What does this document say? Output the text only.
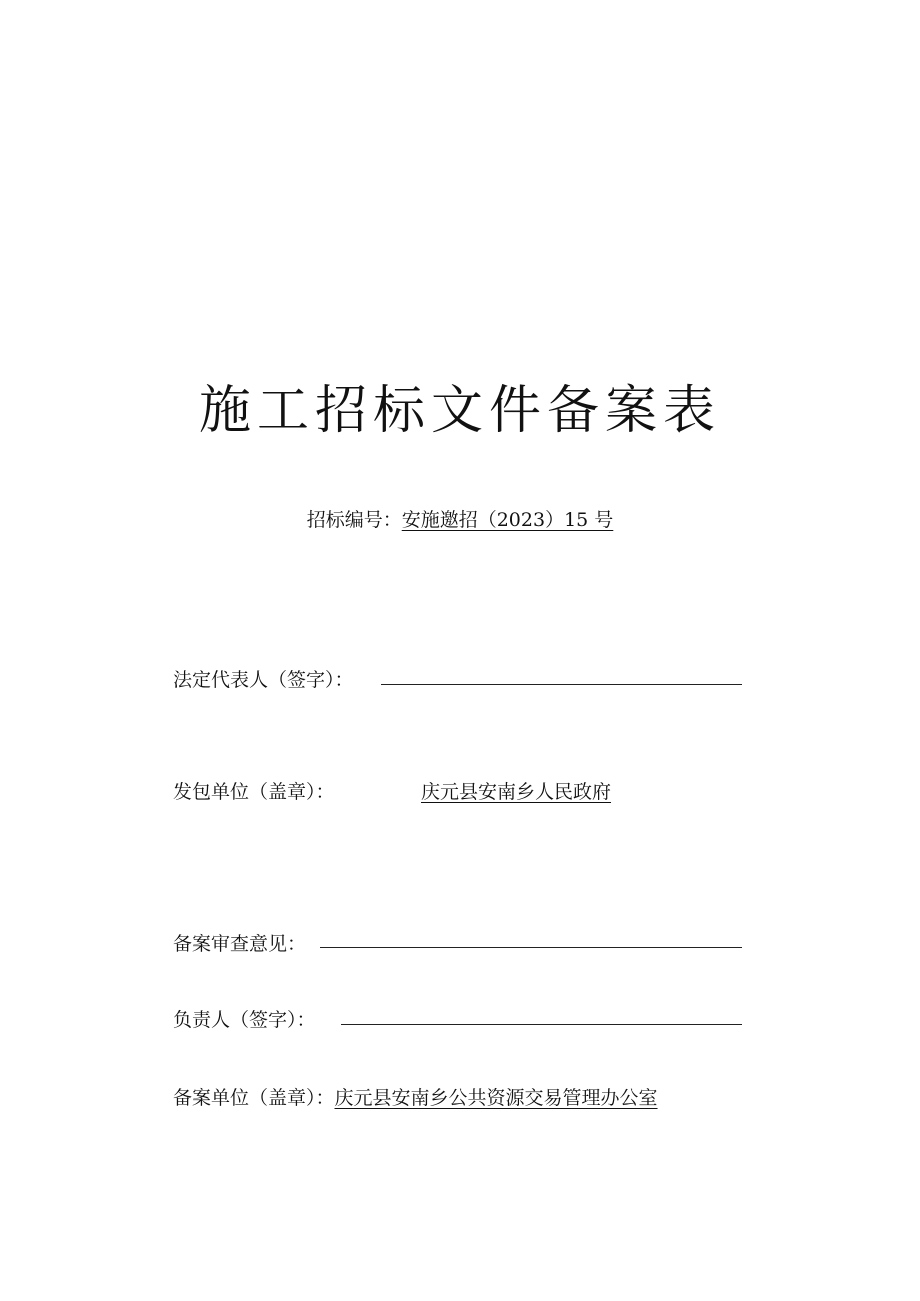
施工招标文件备案表
招标编号：安施邀招（2023）15 号
法定代表人（签字）：
发包单位（盖章）：	庆元县安南乡人民政府
备案审查意见：
负责人（签字）：
备案单位（盖章）：庆元县安南乡公共资源交易管理办公室
